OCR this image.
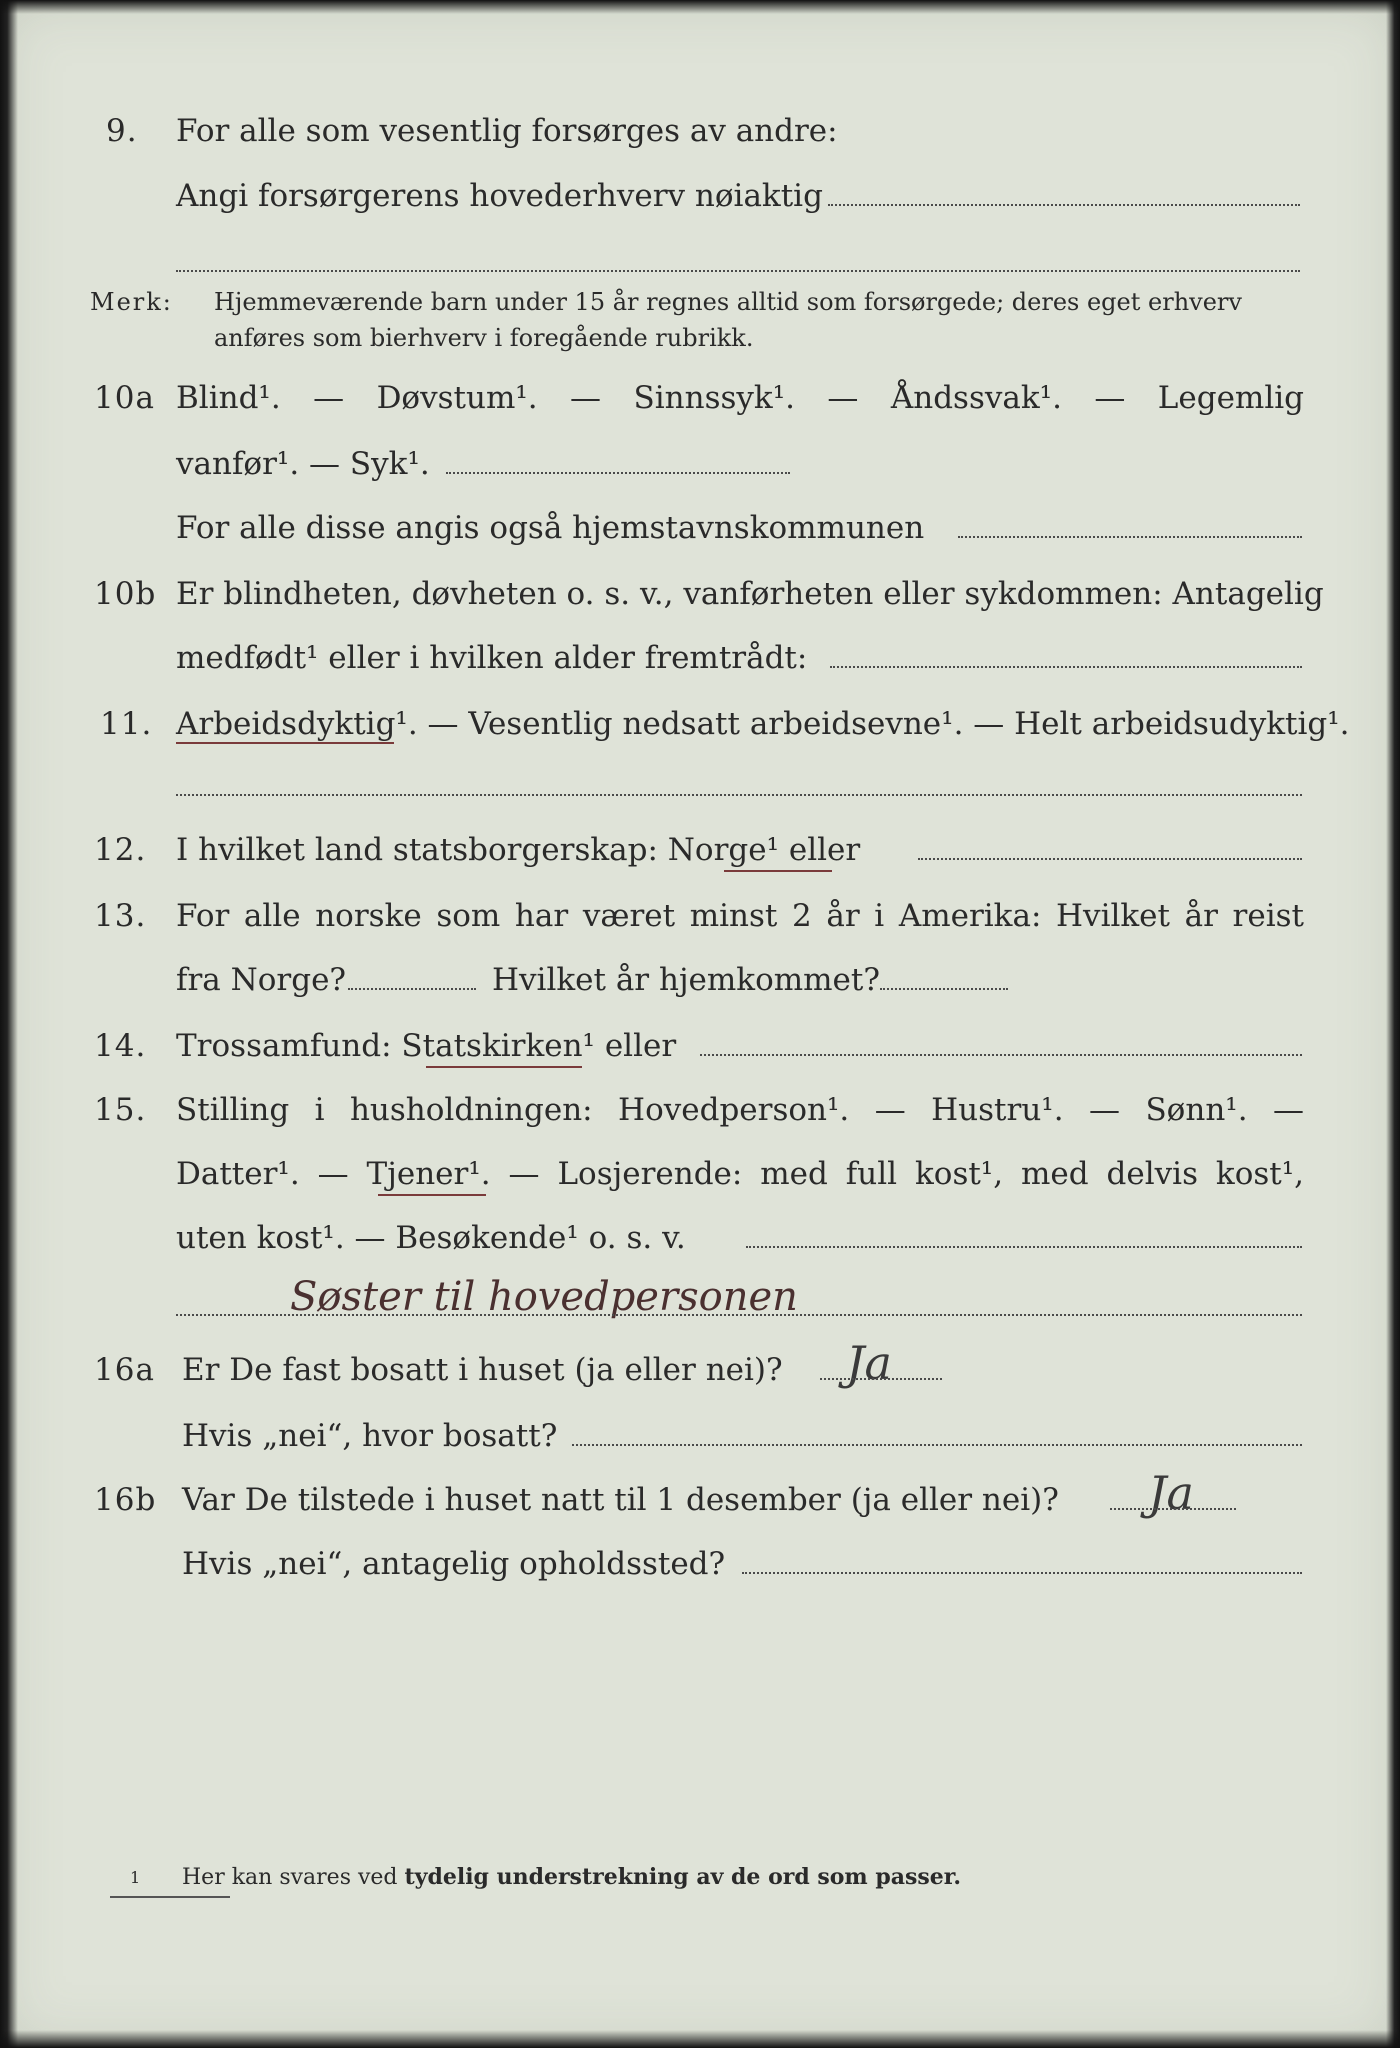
9. For alle som vesentlig forsørges av andre:
Angi forsørgerens hovederhverv nøiaktig
Merk: Hjemmeværende barn under 15 år regnes alltid som forsørgede; deres eget erhverv
anføres som bierhverv i foregående rubrikk.
10a Blind¹. — Døvstum¹. — Sinnssyk¹. — Åndssvak¹. — Legemlig
vanfør¹. — Syk¹.
For alle disse angis også hjemstavnskommunen
10b Er blindheten, døvheten o. s. v., vanførheten eller sykdommen: Antagelig
medfødt¹ eller i hvilken alder fremtrådt:
11. Arbeidsdyktig¹. — Vesentlig nedsatt arbeidsevne¹. — Helt arbeidsudyktig¹.
12. I hvilket land statsborgerskap: Norge¹ eller
13. For alle norske som har været minst 2 år i Amerika: Hvilket år reist
fra Norge?	Hvilket år hjemkommet?
14. Trossamfund: Statskirken¹ eller
15. Stilling i husholdningen: Hovedperson¹. — Hustru¹. — Sønn¹. —
Datter¹. — Tjener¹. — Losjerende: med full kost¹, med delvis kost¹,
uten kost¹. — Besøkende¹ o. s. v.
Søster til hovedpersonen
16a Er De fast bosatt i huset (ja eller nei)? Ja
Hvis „nei“, hvor bosatt?
16b Var De tilstede i huset natt til 1 desember (ja eller nei)? Ja
Hvis „nei“, antagelig opholdssted?
1 Her kan svares ved tydelig understrekning av de ord som passer.
